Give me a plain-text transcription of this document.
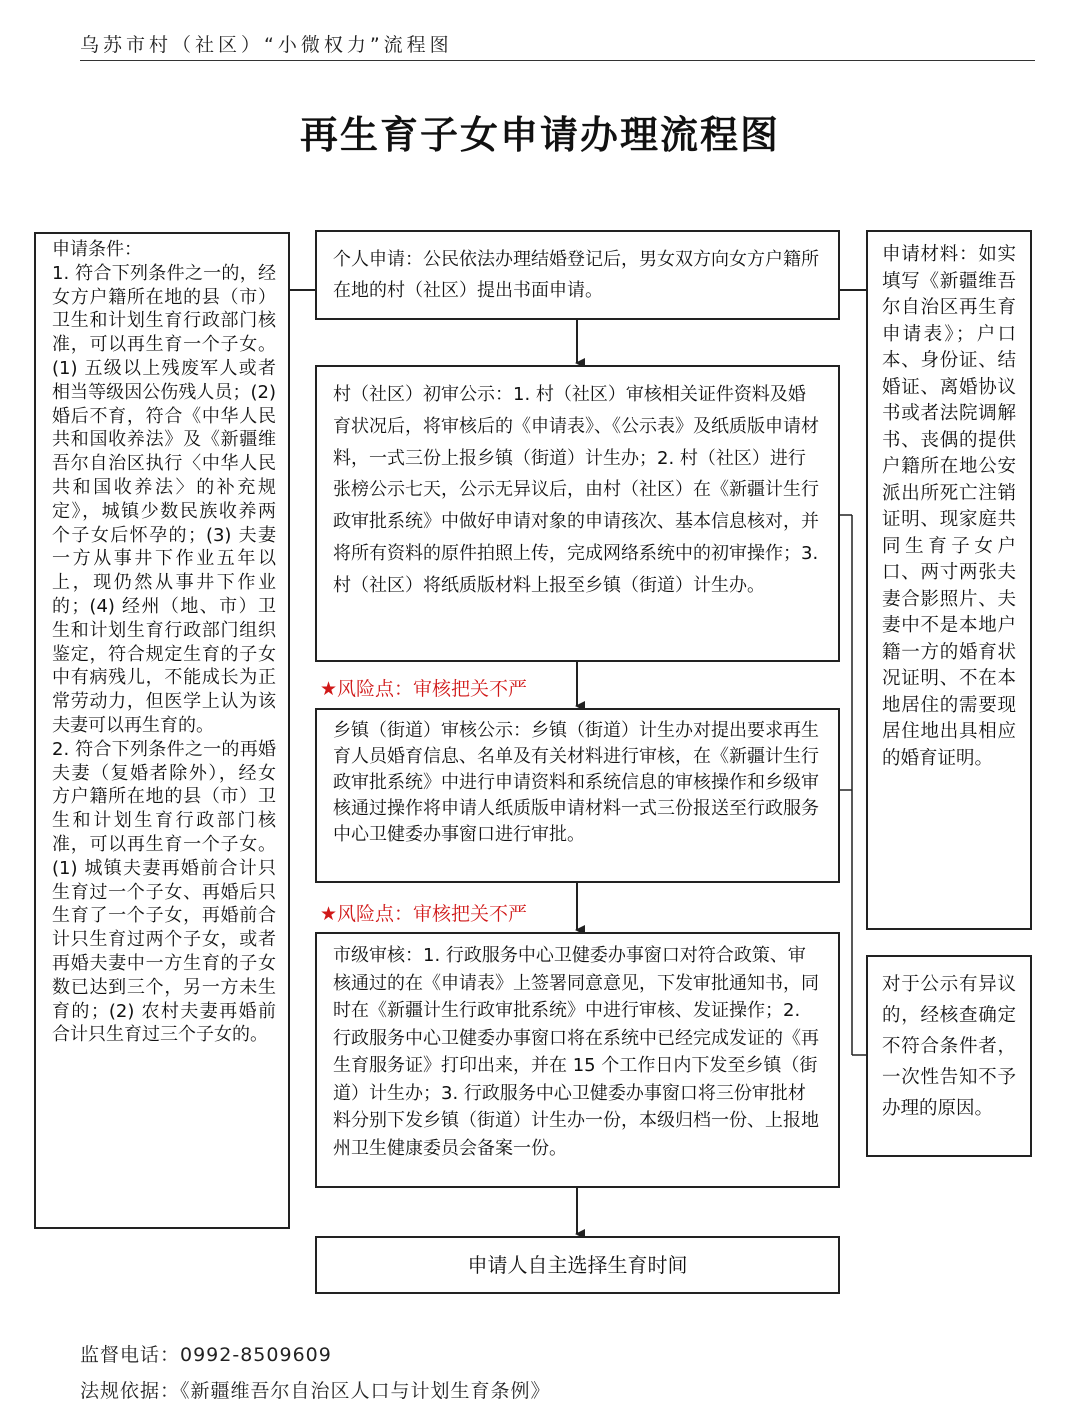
乌苏市村（社区）“小微权力”流程图
再生育子女申请办理流程图

申请条件：
1. 符合下列条件之一的，经女方户籍所在地的县（市）卫生和计划生育行政部门核准，可以再生育一个子女。(1) 五级以上残废军人或者相当等级因公伤残人员；(2) 婚后不育，符合《中华人民共和国收养法》及《新疆维吾尔自治区执行〈中华人民共和国收养法〉的补充规定》，城镇少数民族收养两个子女后怀孕的；(3) 夫妻一方从事井下作业五年以上，现仍然从事井下作业的；(4) 经州（地、市）卫生和计划生育行政部门组织鉴定，符合规定生育的子女中有病残儿，不能成长为正常劳动力，但医学上认为该夫妻可以再生育的。
2. 符合下列条件之一的再婚夫妻（复婚者除外），经女方户籍所在地的县（市）卫生和计划生育行政部门核准，可以再生育一个子女。(1) 城镇夫妻再婚前合计只生育过一个子女、再婚后只生育了一个子女，再婚前合计只生育过两个子女，或者再婚夫妻中一方生育的子女数已达到三个，另一方未生育的；(2) 农村夫妻再婚前合计只生育过三个子女的。

申请材料：如实填写《新疆维吾尔自治区再生育申请表》；户口本、身份证、结婚证、离婚协议书或者法院调解书、丧偶的提供户籍所在地公安派出所死亡注销证明、现家庭共同生育子女户口、两寸两张夫妻合影照片、夫妻中不是本地户籍一方的婚育状况证明、不在本地居住的需要现居住地出具相应的婚育证明。

对于公示有异议的，经核查确定不符合条件者，一次性告知不予办理的原因。

个人申请：公民依法办理结婚登记后，男女双方向女方户籍所在地的村（社区）提出书面申请。

村（社区）初审公示：1. 村（社区）审核相关证件资料及婚育状况后，将审核后的《申请表》、《公示表》及纸质版申请材料，一式三份上报乡镇（街道）计生办；2. 村（社区）进行张榜公示七天，公示无异议后，由村（社区）在《新疆计生行政审批系统》中做好申请对象的申请孩次、基本信息核对，并将所有资料的原件拍照上传，完成网络系统中的初审操作；3. 村（社区）将纸质版材料上报至乡镇（街道）计生办。

★风险点：审核把关不严

乡镇（街道）审核公示：乡镇（街道）计生办对提出要求再生育人员婚育信息、名单及有关材料进行审核，在《新疆计生行政审批系统》中进行申请资料和系统信息的审核操作和乡级审核通过操作将申请人纸质版申请材料一式三份报送至行政服务中心卫健委办事窗口进行审批。

★风险点：审核把关不严

市级审核：1. 行政服务中心卫健委办事窗口对符合政策、审核通过的在《申请表》上签署同意意见，下发审批通知书，同时在《新疆计生行政审批系统》中进行审核、发证操作；2. 行政服务中心卫健委办事窗口将在系统中已经完成发证的《再生育服务证》打印出来，并在 15 个工作日内下发至乡镇（街道）计生办；3. 行政服务中心卫健委办事窗口将三份审批材料分别下发乡镇（街道）计生办一份，本级归档一份、上报地州卫生健康委员会备案一份。

申请人自主选择生育时间
监督电话：0992-8509609
法规依据：《新疆维吾尔自治区人口与计划生育条例》
